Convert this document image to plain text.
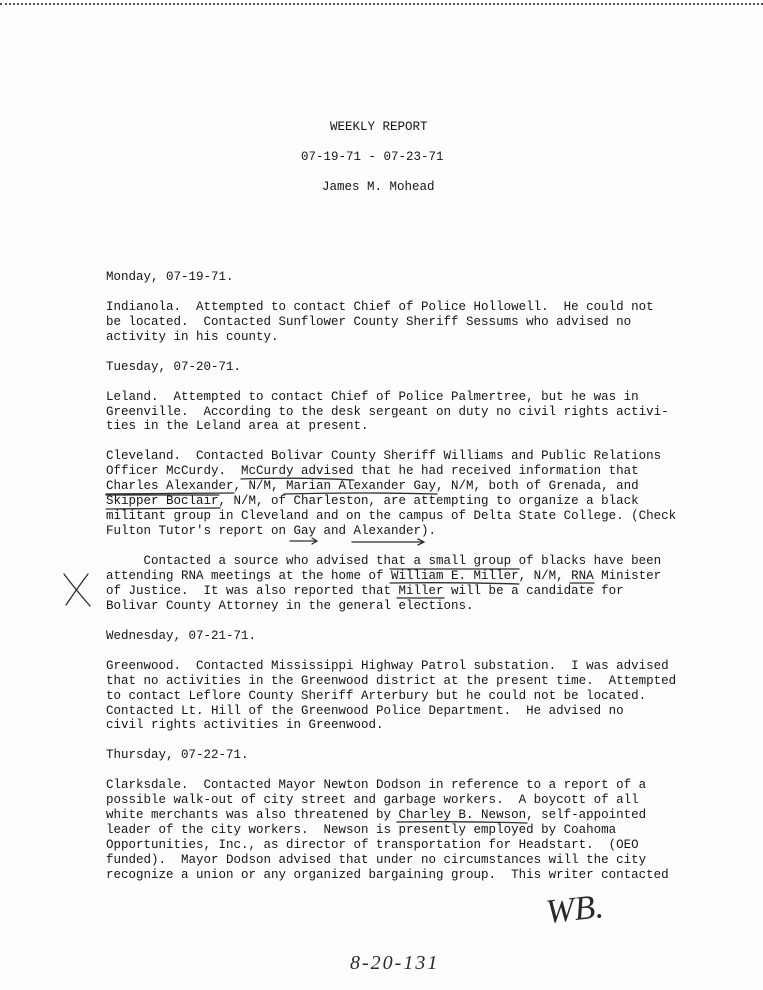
WEEKLY REPORT
07-19-71 - 07-23-71
James M. Mohead
Monday, 07-19-71.
Indianola.  Attempted to contact Chief of Police Hollowell.  He could not
be located.  Contacted Sunflower County Sheriff Sessums who advised no
activity in his county.
Tuesday, 07-20-71.
Leland.  Attempted to contact Chief of Police Palmertree, but he was in
Greenville.  According to the desk sergeant on duty no civil rights activi-
ties in the Leland area at present.
Cleveland.  Contacted Bolivar County Sheriff Williams and Public Relations
Officer McCurdy.  McCurdy advised that he had received information that
Charles Alexander, N/M, Marian Alexander Gay, N/M, both of Grenada, and
Skipper Boclair, N/M, of Charleston, are attempting to organize a black
militant group in Cleveland and on the campus of Delta State College. (Check
Fulton Tutor's report on Gay and Alexander).
Contacted a source who advised that a small group of blacks have been
attending RNA meetings at the home of William E. Miller, N/M, RNA Minister
of Justice.  It was also reported that Miller will be a candidate for
Bolivar County Attorney in the general elections.
Wednesday, 07-21-71.
Greenwood.  Contacted Mississippi Highway Patrol substation.  I was advised
that no activities in the Greenwood district at the present time.  Attempted
to contact Leflore County Sheriff Arterbury but he could not be located.
Contacted Lt. Hill of the Greenwood Police Department.  He advised no
civil rights activities in Greenwood.
Thursday, 07-22-71.
Clarksdale.  Contacted Mayor Newton Dodson in reference to a report of a
possible walk-out of city street and garbage workers.  A boycott of all
white merchants was also threatened by Charley B. Newson, self-appointed
leader of the city workers.  Newson is presently employed by Coahoma
Opportunities, Inc., as director of transportation for Headstart.  (OEO
funded).  Mayor Dodson advised that under no circumstances will the city
recognize a union or any organized bargaining group.  This writer contacted
WB.
8-20-131
